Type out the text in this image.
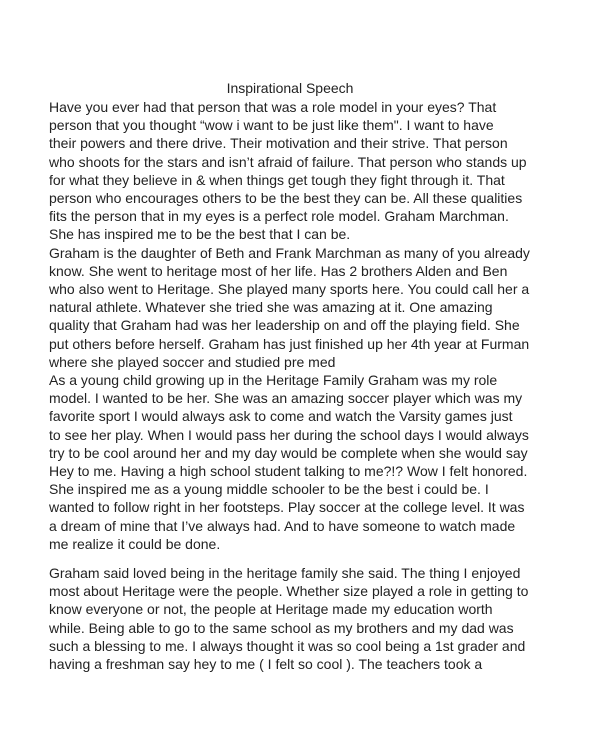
Inspirational Speech
Have you ever had that person that was a role model in your eyes? That
person that you thought “wow i want to be just like them". I want to have
their powers and there drive. Their motivation and their strive. That person
who shoots for the stars and isn’t afraid of failure. That person who stands up
for what they believe in & when things get tough they fight through it. That
person who encourages others to be the best they can be. All these qualities
fits the person that in my eyes is a perfect role model. Graham Marchman.
She has inspired me to be the best that I can be.
Graham is the daughter of Beth and Frank Marchman as many of you already
know. She went to heritage most of her life. Has 2 brothers Alden and Ben
who also went to Heritage. She played many sports here. You could call her a
natural athlete. Whatever she tried she was amazing at it. One amazing
quality that Graham had was her leadership on and off the playing field. She
put others before herself. Graham has just finished up her 4th year at Furman
where she played soccer and studied pre med
As a young child growing up in the Heritage Family Graham was my role
model. I wanted to be her. She was an amazing soccer player which was my
favorite sport I would always ask to come and watch the Varsity games just
to see her play. When I would pass her during the school days I would always
try to be cool around her and my day would be complete when she would say
Hey to me. Having a high school student talking to me?!? Wow I felt honored.
She inspired me as a young middle schooler to be the best i could be. I
wanted to follow right in her footsteps. Play soccer at the college level. It was
a dream of mine that I’ve always had. And to have someone to watch made
me realize it could be done.
Graham said loved being in the heritage family she said. The thing I enjoyed
most about Heritage were the people. Whether size played a role in getting to
know everyone or not, the people at Heritage made my education worth
while. Being able to go to the same school as my brothers and my dad was
such a blessing to me. I always thought it was so cool being a 1st grader and
having a freshman say hey to me ( I felt so cool ). The teachers took a
